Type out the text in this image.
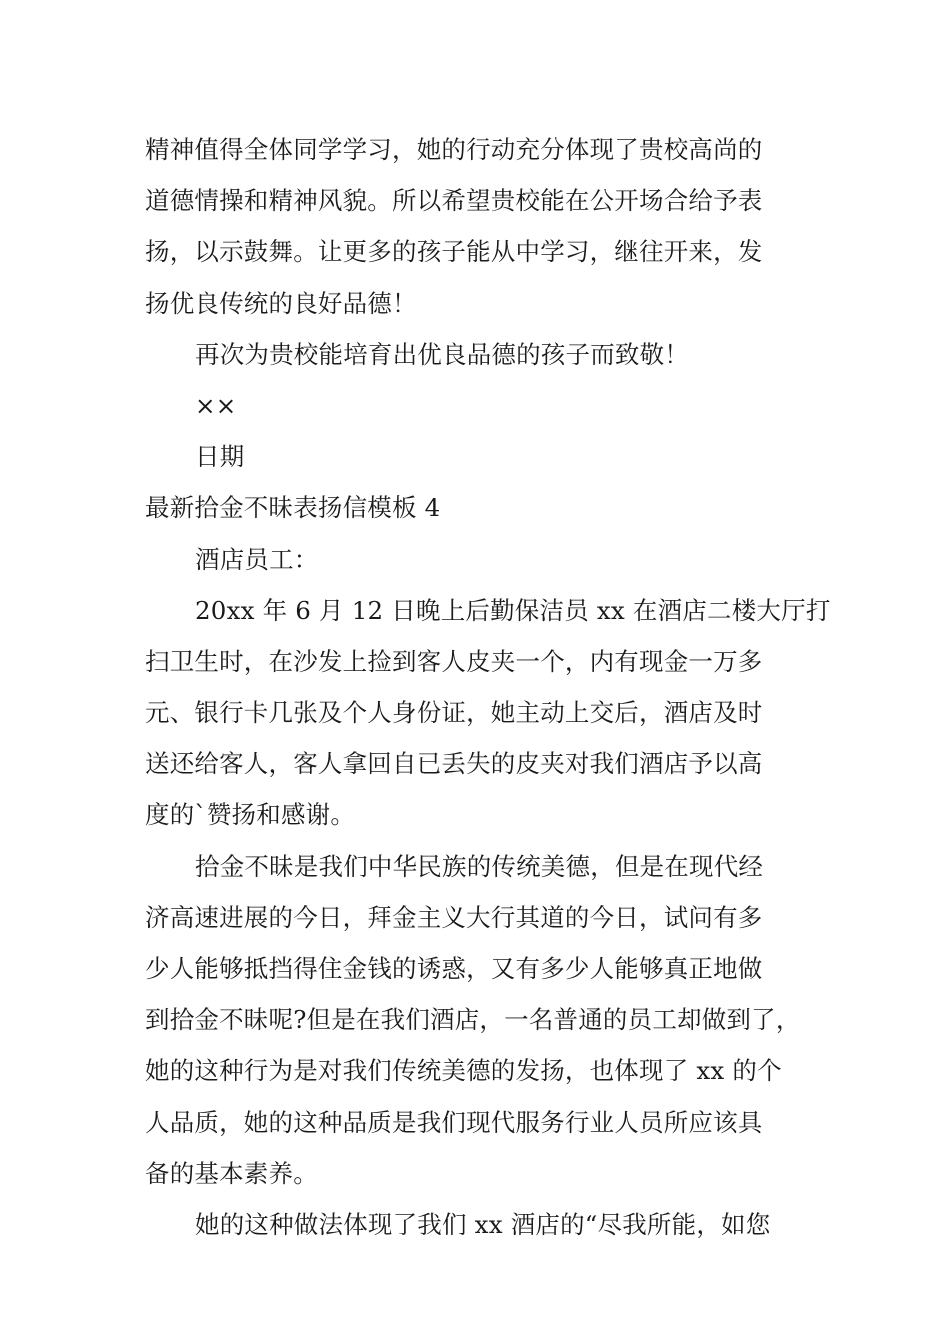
精神值得全体同学学习，她的行动充分体现了贵校高尚的
道德情操和精神风貌。所以希望贵校能在公开场合给予表
扬，以示鼓舞。让更多的孩子能从中学习，继往开来，发
扬优良传统的良好品德！
再次为贵校能培育出优良品德的孩子而致敬！
××
日期
最新拾金不昧表扬信模板 4
酒店员工：
20xx 年 6 月 12 日晚上后勤保洁员 xx 在酒店二楼大厅打
扫卫生时，在沙发上捡到客人皮夹一个，内有现金一万多
元、银行卡几张及个人身份证，她主动上交后，酒店及时
送还给客人，客人拿回自已丢失的皮夹对我们酒店予以高
度的`赞扬和感谢。
拾金不昧是我们中华民族的传统美德，但是在现代经
济高速进展的今日，拜金主义大行其道的今日，试问有多
少人能够抵挡得住金钱的诱惑，又有多少人能够真正地做
到拾金不昧呢?但是在我们酒店，一名普通的员工却做到了，
她的这种行为是对我们传统美德的发扬，也体现了 xx 的个
人品质，她的这种品质是我们现代服务行业人员所应该具
备的基本素养。
她的这种做法体现了我们 xx 酒店的“尽我所能，如您
